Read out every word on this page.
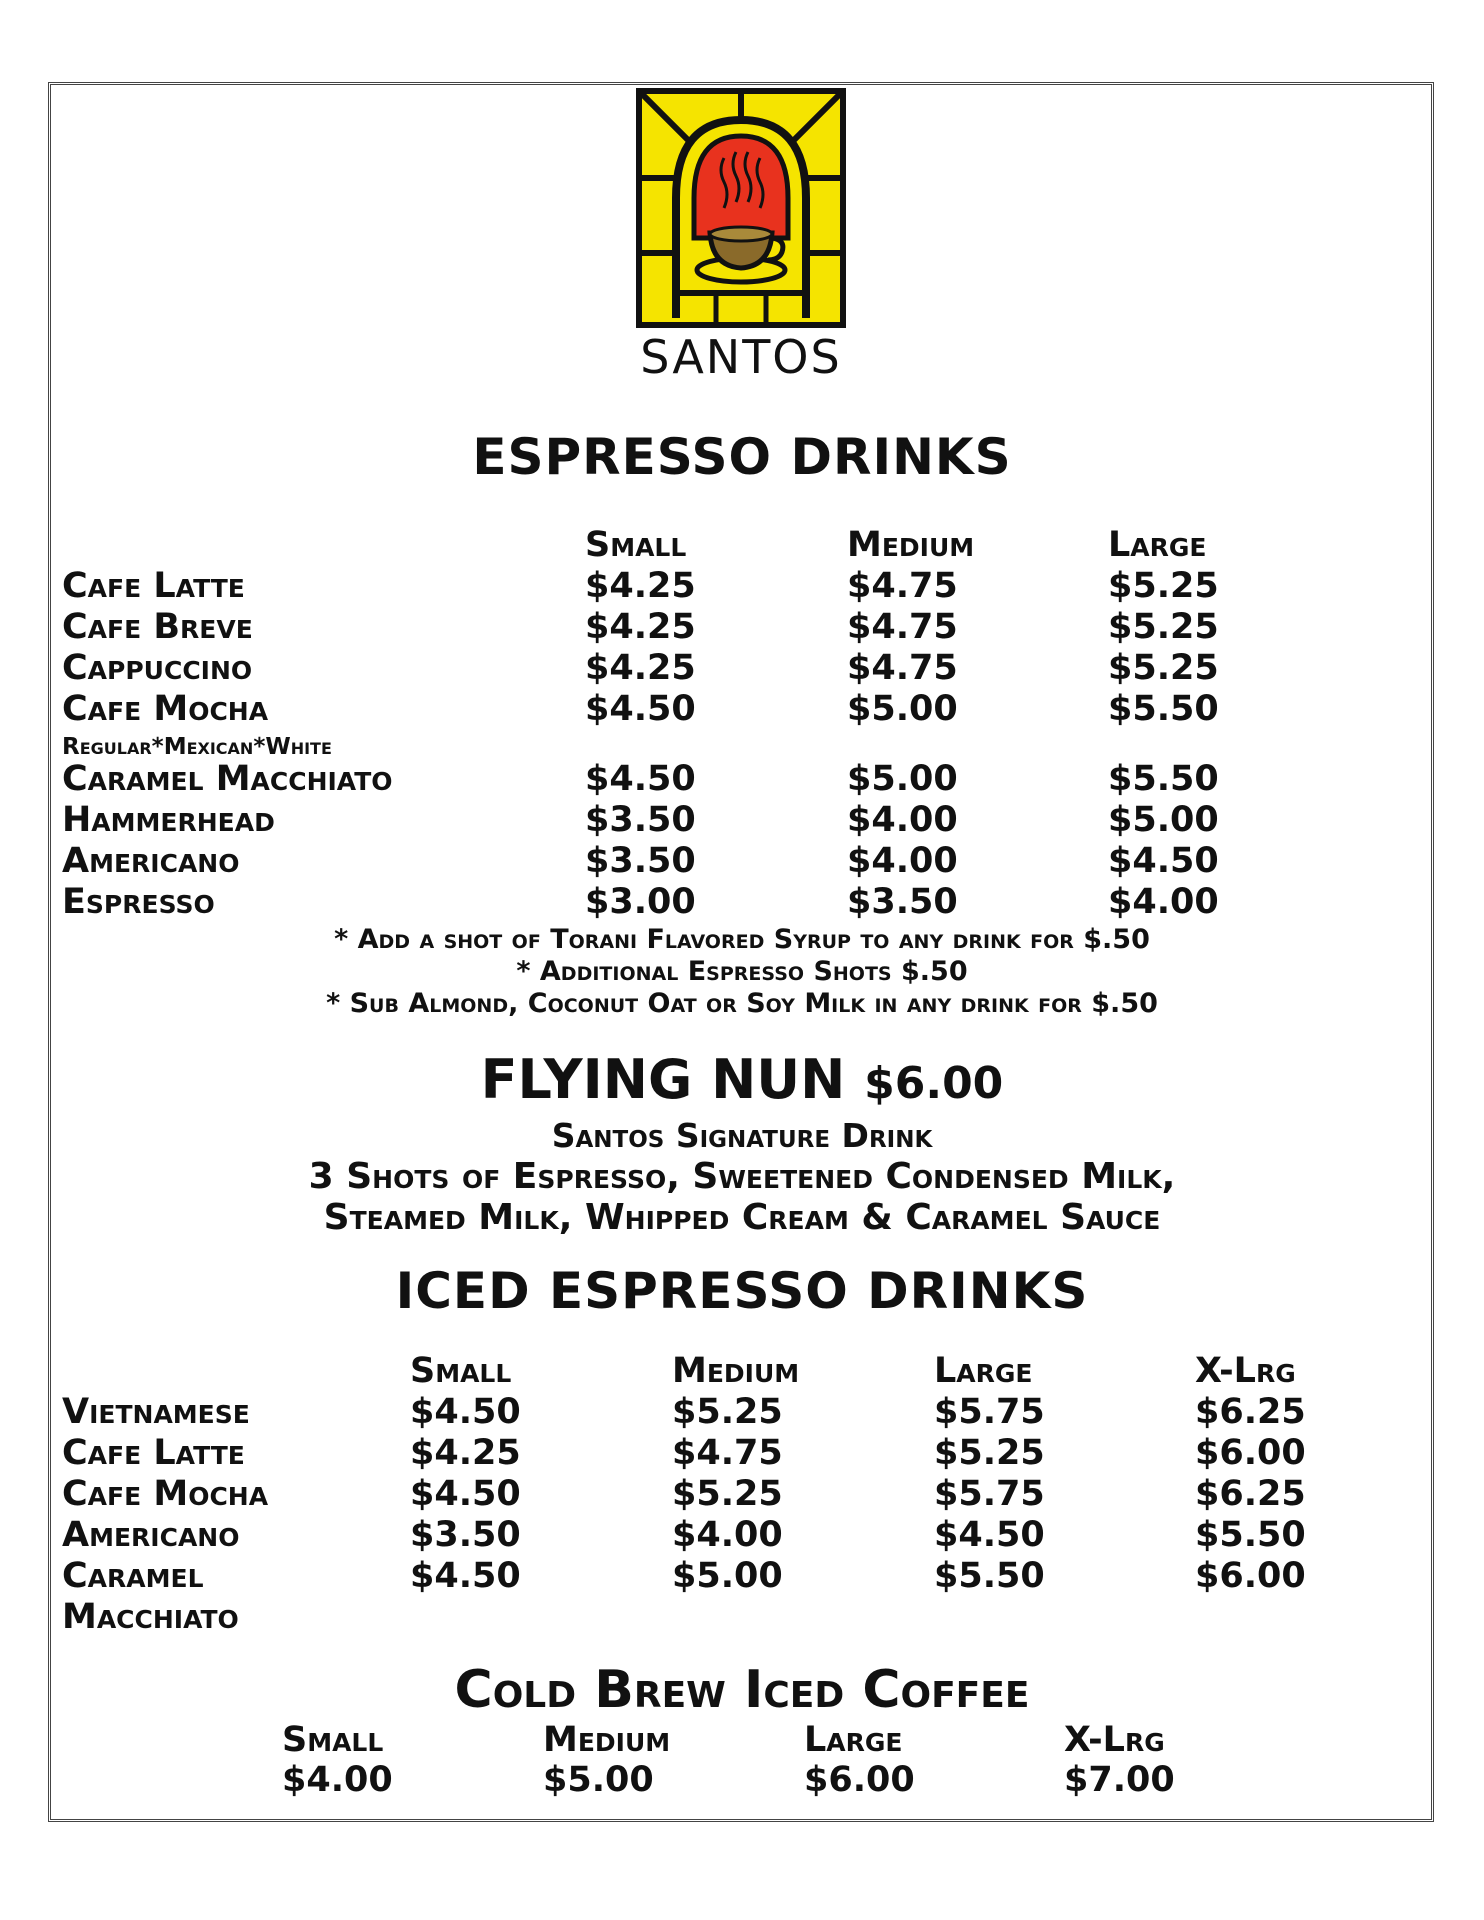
SANTOS
ESPRESSO DRINKS
Small	Medium	Large
Cafe Latte	$4.25	$4.75	$5.25
Cafe Breve	$4.25	$4.75	$5.25
Cappuccino	$4.25	$4.75	$5.25
Cafe Mocha	$4.50	$5.00	$5.50
Regular*Mexican*White
Caramel Macchiato	$4.50	$5.00	$5.50
Hammerhead	$3.50	$4.00	$5.00
Americano	$3.50	$4.00	$4.50
Espresso	$3.00	$3.50	$4.00
* Add a shot of Torani Flavored Syrup to any drink for $.50
* Additional Espresso Shots $.50
* Sub Almond, Coconut Oat or Soy Milk in any drink for $.50
FLYING NUN $6.00
Santos Signature Drink
3 Shots of Espresso, Sweetened Condensed Milk,
Steamed Milk, Whipped Cream & Caramel Sauce
ICED ESPRESSO DRINKS
Small	Medium	Large	X-Lrg
Vietnamese	$4.50	$5.25	$5.75	$6.25
Cafe Latte	$4.25	$4.75	$5.25	$6.00
Cafe Mocha	$4.50	$5.25	$5.75	$6.25
Americano	$3.50	$4.00	$4.50	$5.50
Caramel	$4.50	$5.00	$5.50	$6.00
Macchiato
Cold Brew Iced Coffee
Small	Medium	Large	X-Lrg
$4.00	$5.00	$6.00	$7.00
